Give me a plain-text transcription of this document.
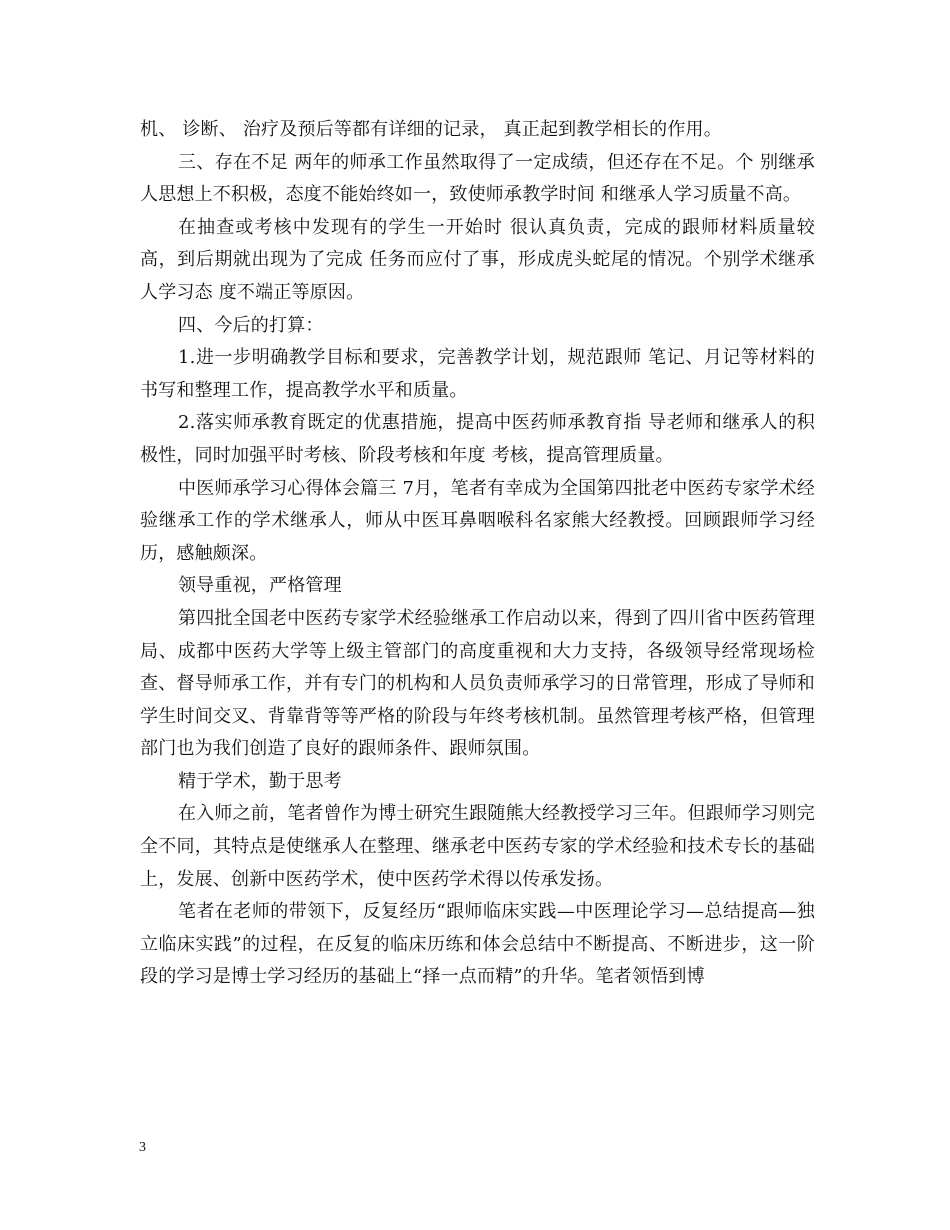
机、 诊断、 治疗及预后等都有详细的记录， 真正起到教学相长的作用。

三、存在不足 两年的师承工作虽然取得了一定成绩，但还存在不足。个 别继承人思想上不积极，态度不能始终如一，致使师承教学时间 和继承人学习质量不高。

在抽查或考核中发现有的学生一开始时 很认真负责，完成的跟师材料质量较高，到后期就出现为了完成 任务而应付了事，形成虎头蛇尾的情况。个别学术继承人学习态 度不端正等原因。

四、今后的打算：

1.进一步明确教学目标和要求，完善教学计划，规范跟师 笔记、月记等材料的书写和整理工作，提高教学水平和质量。

2.落实师承教育既定的优惠措施，提高中医药师承教育指 导老师和继承人的积极性，同时加强平时考核、阶段考核和年度 考核，提高管理质量。

中医师承学习心得体会篇三 7月，笔者有幸成为全国第四批老中医药专家学术经验继承工作的学术继承人，师从中医耳鼻咽喉科名家熊大经教授。回顾跟师学习经历，感触颇深。

领导重视，严格管理

第四批全国老中医药专家学术经验继承工作启动以来，得到了四川省中医药管理局、成都中医药大学等上级主管部门的高度重视和大力支持，各级领导经常现场检查、督导师承工作，并有专门的机构和人员负责师承学习的日常管理，形成了导师和学生时间交叉、背靠背等等严格的阶段与年终考核机制。虽然管理考核严格，但管理部门也为我们创造了良好的跟师条件、跟师氛围。

精于学术，勤于思考

在入师之前，笔者曾作为博士研究生跟随熊大经教授学习三年。但跟师学习则完全不同，其特点是使继承人在整理、继承老中医药专家的学术经验和技术专长的基础上，发展、创新中医药学术，使中医药学术得以传承发扬。

笔者在老师的带领下，反复经历“跟师临床实践—中医理论学习—总结提高—独立临床实践”的过程，在反复的临床历练和体会总结中不断提高、不断进步，这一阶段的学习是博士学习经历的基础上“择一点而精”的升华。笔者领悟到博

3
